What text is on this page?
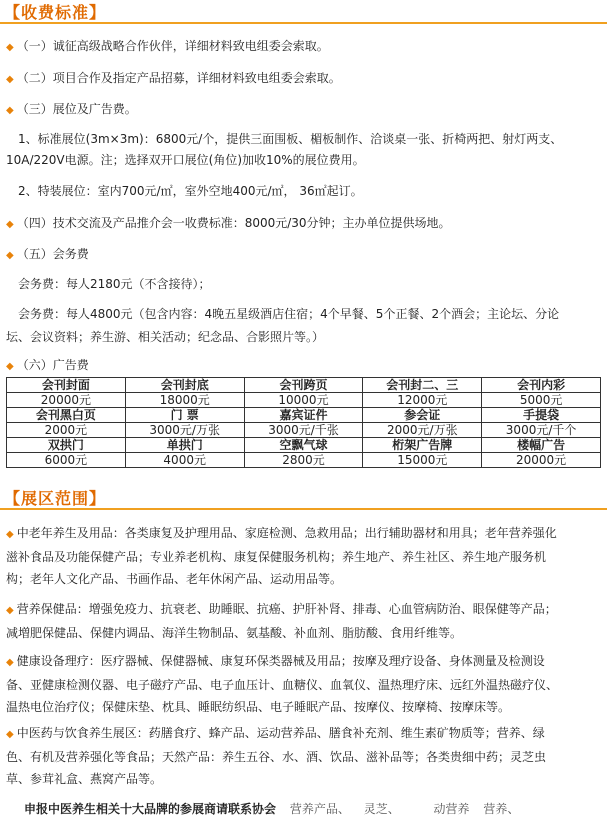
【收费标准】
◆ （一）诚征高级战略合作伙伴，详细材料致电组委会索取。
◆ （二）项目合作及指定产品招募，详细材料致电组委会索取。
◆ （三）展位及广告费。
1、标准展位(3m×3m)：6800元/个，提供三面围板、楣板制作、洽谈桌一张、折椅两把、射灯两支、
10A/220V电源。注；选择双开口展位(角位)加收10%的展位费用。
2、特装展位：室内700元/㎡，室外空地400元/㎡， 36㎡起订。
◆ （四）技术交流及产品推介会一收费标准：8000元/30分钟；主办单位提供场地。
◆ （五）会务费
会务费：每人2180元（不含接待）；
会务费：每人4800元（包含内容：4晚五星级酒店住宿；4个早餐、5个正餐、2个酒会；主论坛、分论
坛、会议资料；养生游、相关活动；纪念品、合影照片等。）
◆ （六）广告费
会刊封面	会刊封底	会刊跨页	会刊封二、三	会刊内彩
20000元	18000元	10000元	12000元	5000元
会刊黑白页	门 票	嘉宾证件	参会证	手提袋
2000元	3000元/万张	3000元/千张	2000元/万张	3000元/千个
双拱门	单拱门	空飘气球	桁架广告牌	楼幅广告
6000元	4000元	2800元	15000元	20000元
【展区范围】
◆ 中老年养生及用品：各类康复及护理用品、家庭检测、急救用品；出行辅助器材和用具；老年营养强化
滋补食品及功能保健产品；专业养老机构、康复保健服务机构；养生地产、养生社区、养生地产服务机
构；老年人文化产品、书画作品、老年休闲产品、运动用品等。
◆ 营养保健品：增强免疫力、抗衰老、助睡眠、抗癌、护肝补肾、排毒、心血管病防治、眼保健等产品；
减増肥保健品、保健内调品、海洋生物制品、氨基酸、补血剂、脂肪酸、食用纤维等。
◆ 健康设备理疗：医疗器械、保健器械、康复环保类器械及用品；按摩及理疗设备、身体测量及检测设
备、亚健康检测仪器、电子磁疗产品、电子血压计、血糖仪、血氧仪、温热理疗床、远红外温热磁疗仪、
温热电位治疗仪；保健床垫、枕具、睡眠纺织品、电子睡眠产品、按摩仪、按摩椅、按摩床等。
◆ 中医药与饮食养生展区：药膳食疗、蜂产品、运动营养品、膳食补充剂、维生素矿物质等；营养、绿
色、有机及营养强化等食品；天然产品：养生五谷、水、酒、饮品、滋补品等；各类贵细中药；灵芝虫
草、参茸礼盒、燕窝产品等。
申报中医养生相关十大品牌的参展商请联系协会 营养产品、 灵芝、	动营养 营养、
